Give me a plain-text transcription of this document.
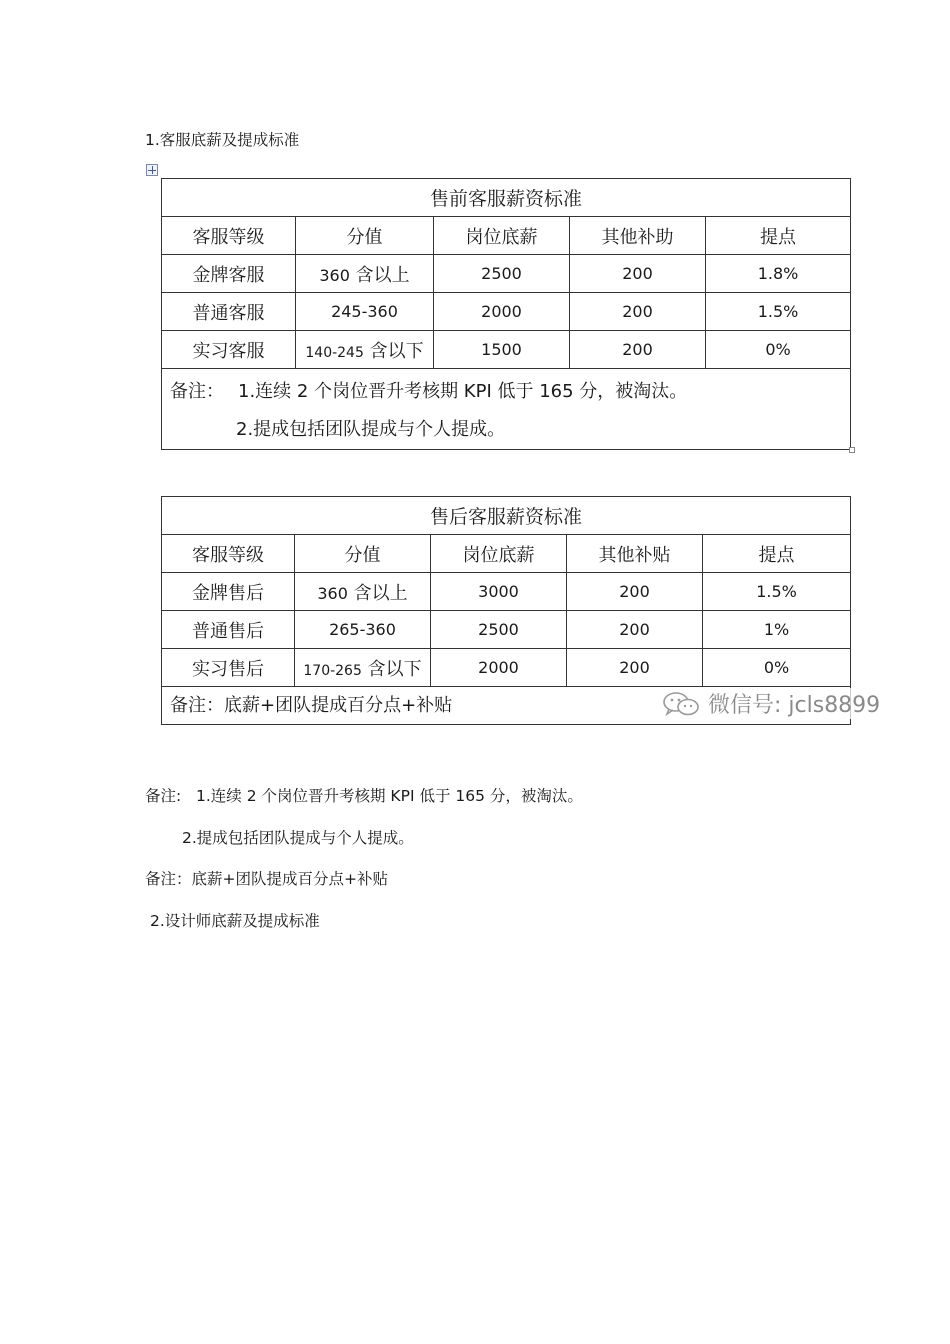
1.客服底薪及提成标准
售前客服薪资标准				
客服等级	分值	岗位底薪	其他补助	提点
金牌客服	360 含以上	2500	200	1.8%
普通客服	245-360	2000	200	1.5%
实习客服	140-245 含以下	1500	200	0%

备注： 1.连续 2 个岗位晋升考核期 KPI 低于 165 分，被淘汰。
2.提成包括团队提成与个人提成。				
售后客服薪资标准				
客服等级	分值	岗位底薪	其他补贴	提点
金牌售后	360 含以上	3000	200	1.5%
普通售后	265-360	2500	200	1%
实习售后	170-265 含以下	2000	200	0%
备注：底薪+团队提成百分点+补贴					微信号: jcls8899
备注:   1.连续 2 个岗位晋升考核期 KPI 低于 165 分，被淘汰。
2.提成包括团队提成与个人提成。
备注：底薪+团队提成百分点+补贴
2.设计师底薪及提成标准
